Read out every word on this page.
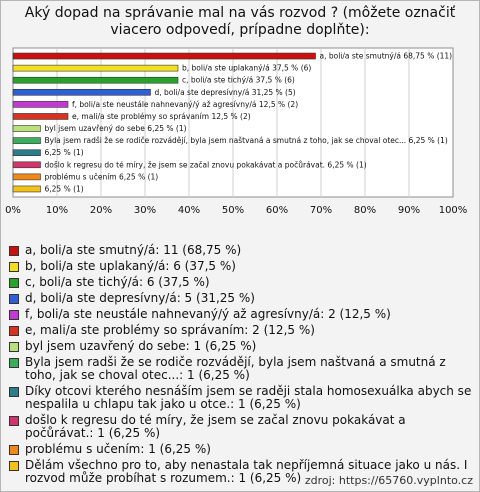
Aký dopad na správanie mal na vás rozvod ? (môžete označiť viacero odpovedí, prípadne doplňte):
0% 10% 20% 30% 40% 50% 60% 70% 80% 90% 100%
a, boli/a ste smutný/á 68,75 % (11)
b, boli/a ste uplakaný/á 37,5 % (6)
c, boli/a ste tichý/á 37,5 % (6)
d, boli/a ste depresívny/á 31,25 % (5)
f, boli/a ste neustále nahnevaný/ý až agresívny/á 12,5 % (2)
e, mali/a ste problémy so správaním 12,5 % (2)
byl jsem uzavřený do sebe 6,25 % (1)
Byla jsem radši že se rodiče rozvádějí, byla jsem naštvaná a smutná z toho, jak se choval otec... 6,25 % (1)
6,25 % (1)
došlo k regresu do té míry, že jsem se začal znovu pokakávat a počůrávat. 6,25 % (1)
problému s učením 6,25 % (1)
6,25 % (1)
a, boli/a ste smutný/á: 11 (68,75 %)
b, boli/a ste uplakaný/á: 6 (37,5 %)
c, boli/a ste tichý/á: 6 (37,5 %)
d, boli/a ste depresívny/á: 5 (31,25 %)
f, boli/a ste neustále nahnevaný/ý až agresívny/á: 2 (12,5 %)
e, mali/a ste problémy so správaním: 2 (12,5 %)
byl jsem uzavřený do sebe: 1 (6,25 %)
Byla jsem radši že se rodiče rozvádějí, byla jsem naštvaná a smutná z toho, jak se choval otec...: 1 (6,25 %)
Díky otcovi kterého nesnáším jsem se raději stala homosexuálka abych se nespalila u chlapu tak jako u otce.: 1 (6,25 %)
došlo k regresu do té míry, že jsem se začal znovu pokakávat a počůrávat.: 1 (6,25 %)
problému s učením: 1 (6,25 %)
Dělám všechno pro to, aby nenastala tak nepříjemná situace jako u nás. I rozvod může probíhat s rozumem.: 1 (6,25 %) zdroj: https://65760.vyplnto.cz
